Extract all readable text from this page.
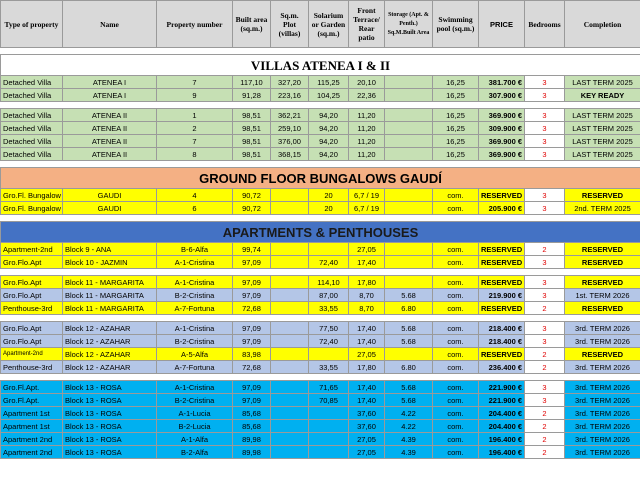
Type of property	Name	Property number	Built area (sq.m.)	Sq.m. Plot (villas)	Solarium or Garden (sq.m.)	Front Terrace/ Rear patio	Storage (Apt. & Penth.) Sq.M.Built Area	Swimming pool (sq.m.)	PRICE	Bedrooms	Completion

VILLAS ATENEA I & II											
Detached Villa	ATENEA I	7	117,10	327,20	115,25	20,10		16,25	381.700 €	3	LAST TERM 2025
Detached Villa	ATENEA I	9	91,28	223,16	104,25	22,36		16,25	307.900 €	3	KEY READY

Detached Villa	ATENEA II	1	98,51	362,21	94,20	11,20		16,25	369.900 €	3	LAST TERM 2025
Detached Villa	ATENEA II	2	98,51	259,10	94,20	11,20		16,25	309.900 €	3	LAST TERM 2025
Detached Villa	ATENEA II	7	98,51	376,00	94,20	11,20		16,25	369.900 €	3	LAST TERM 2025
Detached Villa	ATENEA II	8	98,51	368,15	94,20	11,20		16,25	369.900 €	3	LAST TERM 2025

GROUND FLOOR BUNGALOWS GAUDÍ											
Gro.Fl. Bungalow	GAUDI	4	90,72		20	6,7 / 19		com.	RESERVED	3	RESERVED
Gro.Fl. Bungalow	GAUDI	6	90,72		20	6,7 / 19		com.	205.900 €	3	2nd. TERM 2025

APARTMENTS & PENTHOUSES											
Apartment-2nd	Block 9 - ANA	B-6-Alfa	99,74			27,05		com.	RESERVED	2	RESERVED
Gro.Flo.Apt	Block 10 - JAZMIN	A-1-Cristina	97,09		72,40	17,40		com.	RESERVED	3	RESERVED

Gro.Flo.Apt	Block 11 - MARGARITA	A-1-Cristina	97,09		114,10	17,80		com.	RESERVED	3	RESERVED
Gro.Flo.Apt	Block 11 - MARGARITA	B-2-Cristina	97,09		87,00	8,70	5.68	com.	219.900 €	3	1st. TERM 2026
Penthouse-3rd	Block 11 - MARGARITA	A-7-Fortuna	72,68		33,55	8,70	6.80	com.	RESERVED	2	RESERVED

Gro.Flo.Apt	Block 12 - AZAHAR	A-1-Cristina	97,09		77,50	17,40	5.68	com.	218.400 €	3	3rd. TERM 2026
Gro.Flo.Apt	Block 12 - AZAHAR	B-2-Cristina	97,09		72,40	17,40	5.68	com.	218.400 €	3	3rd. TERM 2026
Apartment-2nd	Block 12 - AZAHAR	A-5-Alfa	83,98			27,05		com.	RESERVED	2	RESERVED
Penthouse-3rd	Block 12 - AZAHAR	A-7-Fortuna	72,68		33,55	17,80	6.80	com.	236.400 €	2	3rd. TERM 2026

Gro.Fl.Apt.	Block 13 - ROSA	A-1-Cristina	97,09		71,65	17,40	5.68	com.	221.900 €	3	3rd. TERM 2026
Gro.Fl.Apt.	Block 13 - ROSA	B-2-Cristina	97,09		70,85	17,40	5.68	com.	221.900 €	3	3rd. TERM 2026
Apartment 1st	Block 13 - ROSA	A-1-Lucia	85,68			37,60	4.22	com.	204.400 €	2	3rd. TERM 2026
Apartment 1st	Block 13 - ROSA	B-2-Lucia	85,68			37,60	4.22	com.	204.400 €	2	3rd. TERM 2026
Apartment 2nd	Block 13 - ROSA	A-1-Alfa	89,98			27,05	4.39	com.	196.400 €	2	3rd. TERM 2026
Apartment 2nd	Block 13 - ROSA	B-2-Alfa	89,98			27,05	4.39	com.	196.400 €	2	3rd. TERM 2026
